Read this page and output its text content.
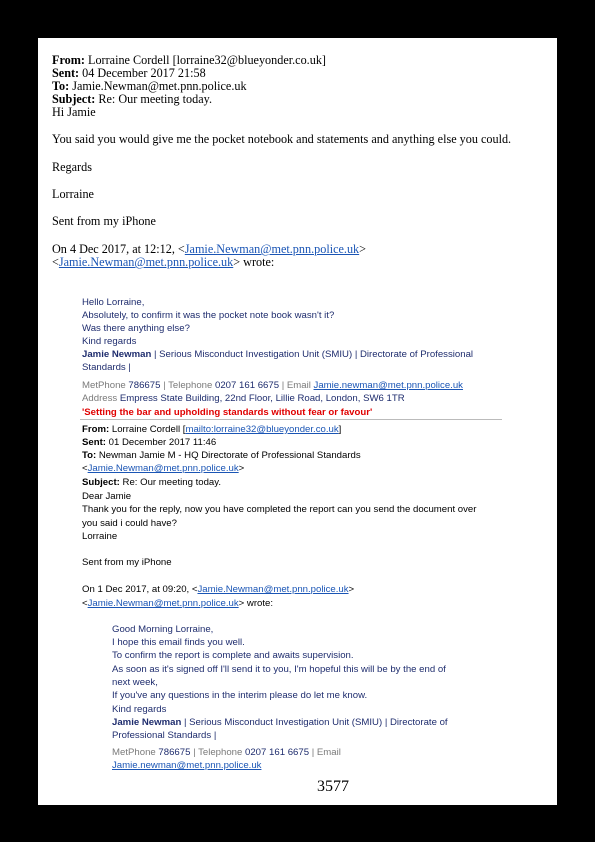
From: Lorraine Cordell [lorraine32@blueyonder.co.uk]
Sent: 04 December 2017 21:58
To: Jamie.Newman@met.pnn.police.uk
Subject: Re: Our meeting today.
Hi Jamie
You said you would give me the pocket notebook and statements and anything else you could.
Regards
Lorraine
Sent from my iPhone
On 4 Dec 2017, at 12:12, <Jamie.Newman@met.pnn.police.uk>
<Jamie.Newman@met.pnn.police.uk> wrote:
Hello Lorraine,
Absolutely, to confirm it was the pocket note book wasn't it?
Was there anything else?
Kind regards
Jamie Newman | Serious Misconduct Investigation Unit (SMIU) | Directorate of Professional
Standards |
MetPhone 786675 | Telephone 0207 161 6675 | Email Jamie.newman@met.pnn.police.uk
Address Empress State Building, 22nd Floor, Lillie Road, London, SW6 1TR
'Setting the bar and upholding standards without fear or favour'
From: Lorraine Cordell [mailto:lorraine32@blueyonder.co.uk]
Sent: 01 December 2017 11:46
To: Newman Jamie M - HQ Directorate of Professional Standards
<Jamie.Newman@met.pnn.police.uk>
Subject: Re: Our meeting today.
Dear Jamie
Thank you for the reply, now you have completed the report can you send the document over
you said i could have?
Lorraine
Sent from my iPhone
On 1 Dec 2017, at 09:20, <Jamie.Newman@met.pnn.police.uk>
<Jamie.Newman@met.pnn.police.uk> wrote:
Good Morning Lorraine,
I hope this email finds you well.
To confirm the report is complete and awaits supervision.
As soon as it's signed off I'll send it to you, I'm hopeful this will be by the end of
next week,
If you've any questions in the interim please do let me know.
Kind regards
Jamie Newman | Serious Misconduct Investigation Unit (SMIU) | Directorate of
Professional Standards |
MetPhone 786675 | Telephone 0207 161 6675 | Email
Jamie.newman@met.pnn.police.uk
3577
